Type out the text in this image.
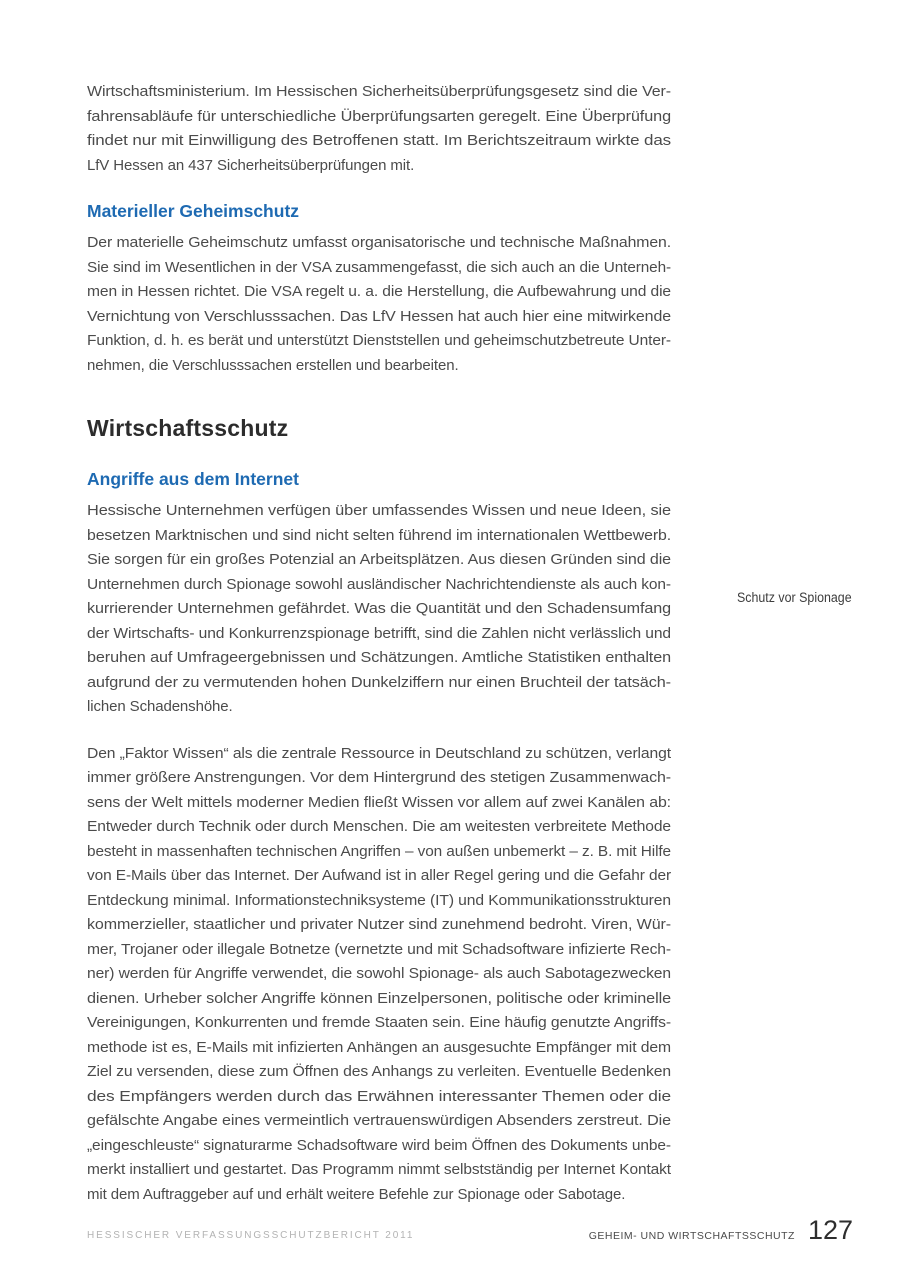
Wirtschaftsministerium. Im Hessischen Sicherheitsüberprüfungsgesetz sind die Ver-
fahrensabläufe für unterschiedliche Überprüfungsarten geregelt. Eine Überprüfung
findet nur mit Einwilligung des Betroffenen statt. Im Berichtszeitraum wirkte das
LfV Hessen an 437 Sicherheitsüberprüfungen mit.
Materieller Geheimschutz
Der materielle Geheimschutz umfasst organisatorische und technische Maßnahmen.
Sie sind im Wesentlichen in der VSA zusammengefasst, die sich auch an die Unterneh-
men in Hessen richtet. Die VSA regelt u. a. die Herstellung, die Aufbewahrung und die
Vernichtung von Verschlusssachen. Das LfV Hessen hat auch hier eine mitwirkende
Funktion, d. h. es berät und unterstützt Dienststellen und geheimschutzbetreute Unter-
nehmen, die Verschlusssachen erstellen und bearbeiten.
Wirtschaftsschutz
Angriffe aus dem Internet
Hessische Unternehmen verfügen über umfassendes Wissen und neue Ideen, sie
besetzen Marktnischen und sind nicht selten führend im internationalen Wettbewerb.
Sie sorgen für ein großes Potenzial an Arbeitsplätzen. Aus diesen Gründen sind die
Unternehmen durch Spionage sowohl ausländischer Nachrichtendienste als auch kon-
kurrierender Unternehmen gefährdet. Was die Quantität und den Schadensumfang
der Wirtschafts- und Konkurrenzspionage betrifft, sind die Zahlen nicht verlässlich und
beruhen auf Umfrageergebnissen und Schätzungen. Amtliche Statistiken enthalten
aufgrund der zu vermutenden hohen Dunkelziffern nur einen Bruchteil der tatsäch-
lichen Schadenshöhe.
Den „Faktor Wissen“ als die zentrale Ressource in Deutschland zu schützen, verlangt
immer größere Anstrengungen. Vor dem Hintergrund des stetigen Zusammenwach-
sens der Welt mittels moderner Medien fließt Wissen vor allem auf zwei Kanälen ab:
Entweder durch Technik oder durch Menschen. Die am weitesten verbreitete Methode
besteht in massenhaften technischen Angriffen – von außen unbemerkt – z. B. mit Hilfe
von E-Mails über das Internet. Der Aufwand ist in aller Regel gering und die Gefahr der
Entdeckung minimal. Informationstechniksysteme (IT) und Kommunikationsstrukturen
kommerzieller, staatlicher und privater Nutzer sind zunehmend bedroht. Viren, Wür-
mer, Trojaner oder illegale Botnetze (vernetzte und mit Schadsoftware infizierte Rech-
ner) werden für Angriffe verwendet, die sowohl Spionage- als auch Sabotagezwecken
dienen. Urheber solcher Angriffe können Einzelpersonen, politische oder kriminelle
Vereinigungen, Konkurrenten und fremde Staaten sein. Eine häufig genutzte Angriffs-
methode ist es, E-Mails mit infizierten Anhängen an ausgesuchte Empfänger mit dem
Ziel zu versenden, diese zum Öffnen des Anhangs zu verleiten. Eventuelle Bedenken
des Empfängers werden durch das Erwähnen interessanter Themen oder die
gefälschte Angabe eines vermeintlich vertrauenswürdigen Absenders zerstreut. Die
„eingeschleuste“ signaturarme Schadsoftware wird beim Öffnen des Dokuments unbe-
merkt installiert und gestartet. Das Programm nimmt selbstständig per Internet Kontakt
mit dem Auftraggeber auf und erhält weitere Befehle zur Spionage oder Sabotage.
Schutz vor Spionage
HESSISCHER VERFASSUNGSSCHUTZBERICHT 2011	GEHEIM- UND WIRTSCHAFTSSCHUTZ 127
